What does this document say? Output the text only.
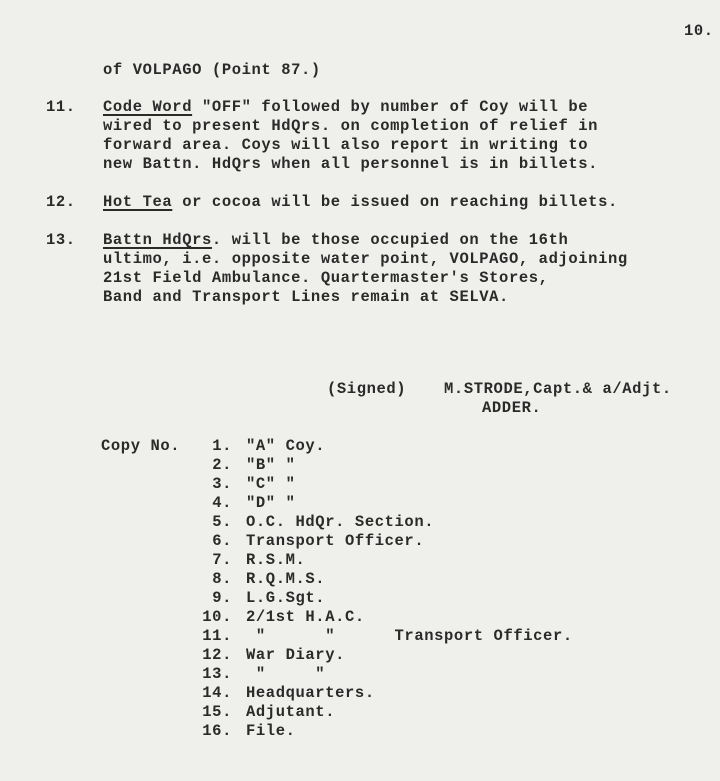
10.
of VOLPAGO (Point 87.)
11. Code Word "OFF" followed by number of Coy will be
wired to present HdQrs. on completion of relief in
forward area. Coys will also report in writing to
new Battn. HdQrs when all personnel is in billets.
12. Hot Tea or cocoa will be issued on reaching billets.
13. Battn HdQrs. will be those occupied on the 16th
ultimo, i.e. opposite water point, VOLPAGO, adjoining
21st Field Ambulance. Quartermaster's Stores,
Band and Transport Lines remain at SELVA.
(Signed) M.STRODE,Capt.& a/Adjt.
ADDER.
Copy No.	1. "A" Coy.
2. "B" "
3. "C" "
4. "D" "
5. O.C. HdQr. Section.
6. Transport Officer.
7. R.S.M.
8. R.Q.M.S.
9. L.G.Sgt.
10. 2/1st H.A.C.
11. "      "      Transport Officer.
12. War Diary.
13. "     "
14. Headquarters.
15. Adjutant.
16. File.
